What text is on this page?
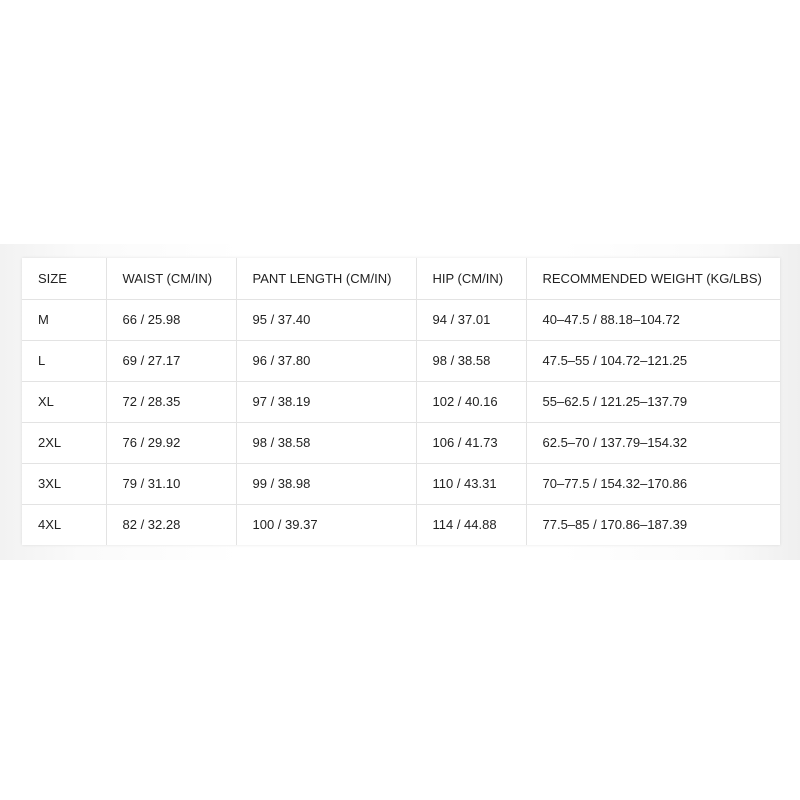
SIZE	WAIST (CM/IN)	PANT LENGTH (CM/IN)	HIP (CM/IN)	RECOMMENDED WEIGHT (KG/LBS)
M	66 / 25.98	95 / 37.40	94 / 37.01	40–47.5 / 88.18–104.72
L	69 / 27.17	96 / 37.80	98 / 38.58	47.5–55 / 104.72–121.25
XL	72 / 28.35	97 / 38.19	102 / 40.16	55–62.5 / 121.25–137.79
2XL	76 / 29.92	98 / 38.58	106 / 41.73	62.5–70 / 137.79–154.32
3XL	79 / 31.10	99 / 38.98	110 / 43.31	70–77.5 / 154.32–170.86
4XL	82 / 32.28	100 / 39.37	114 / 44.88	77.5–85 / 170.86–187.39
